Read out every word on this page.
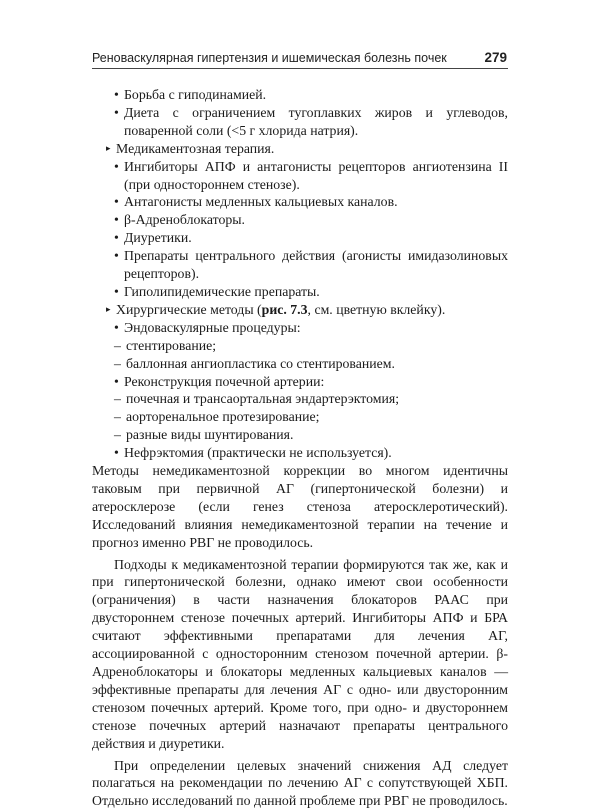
Реноваскулярная гипертензия и ишемическая болезнь почек	279
• Борьба с гиподинамией.
• Диета с ограничением тугоплавких жиров и углеводов, поваренной соли (<5 г хлорида натрия).
▸ Медикаментозная терапия.
• Ингибиторы АПФ и антагонисты рецепторов ангиотензина II (при одностороннем стенозе).
• Антагонисты медленных кальциевых каналов.
• β-Адреноблокаторы.
• Диуретики.
• Препараты центрального действия (агонисты имидазолиновых рецепторов).
• Гиполипидемические препараты.
▸ Хирургические методы (рис. 7.3, см. цветную вклейку).
• Эндоваскулярные процедуры:
– стентирование;
– баллонная ангиопластика со стентированием.
• Реконструкция почечной артерии:
– почечная и трансаортальная эндартерэктомия;
– аорторенальное протезирование;
– разные виды шунтирования.
• Нефрэктомия (практически не используется).

Методы немедикаментозной коррекции во многом идентичны таковым при первичной АГ (гипертонической болезни) и атеросклерозе (если генез стеноза атеросклеротический). Исследований влияния немедикаментозной терапии на течение и прогноз именно РВГ не проводилось.

Подходы к медикаментозной терапии формируются так же, как и при гипертонической болезни, однако имеют свои особенности (ограничения) в части назначения блокаторов РААС при двустороннем стенозе почечных артерий. Ингибиторы АПФ и БРА считают эффективными препаратами для лечения АГ, ассоциированной с односторонним стенозом почечной артерии. β-Адреноблокаторы и блокаторы медленных кальциевых каналов — эффективные препараты для лечения АГ с одно- или двусторонним стенозом почечных артерий. Кроме того, при одно- и двустороннем стенозе почечных артерий назначают препараты центрального действия и диуретики.

При определении целевых значений снижения АД следует полагаться на рекомендации по лечению АГ с сопутствующей ХБП. Отдельно исследований по данной проблеме при РВГ не проводилось.
